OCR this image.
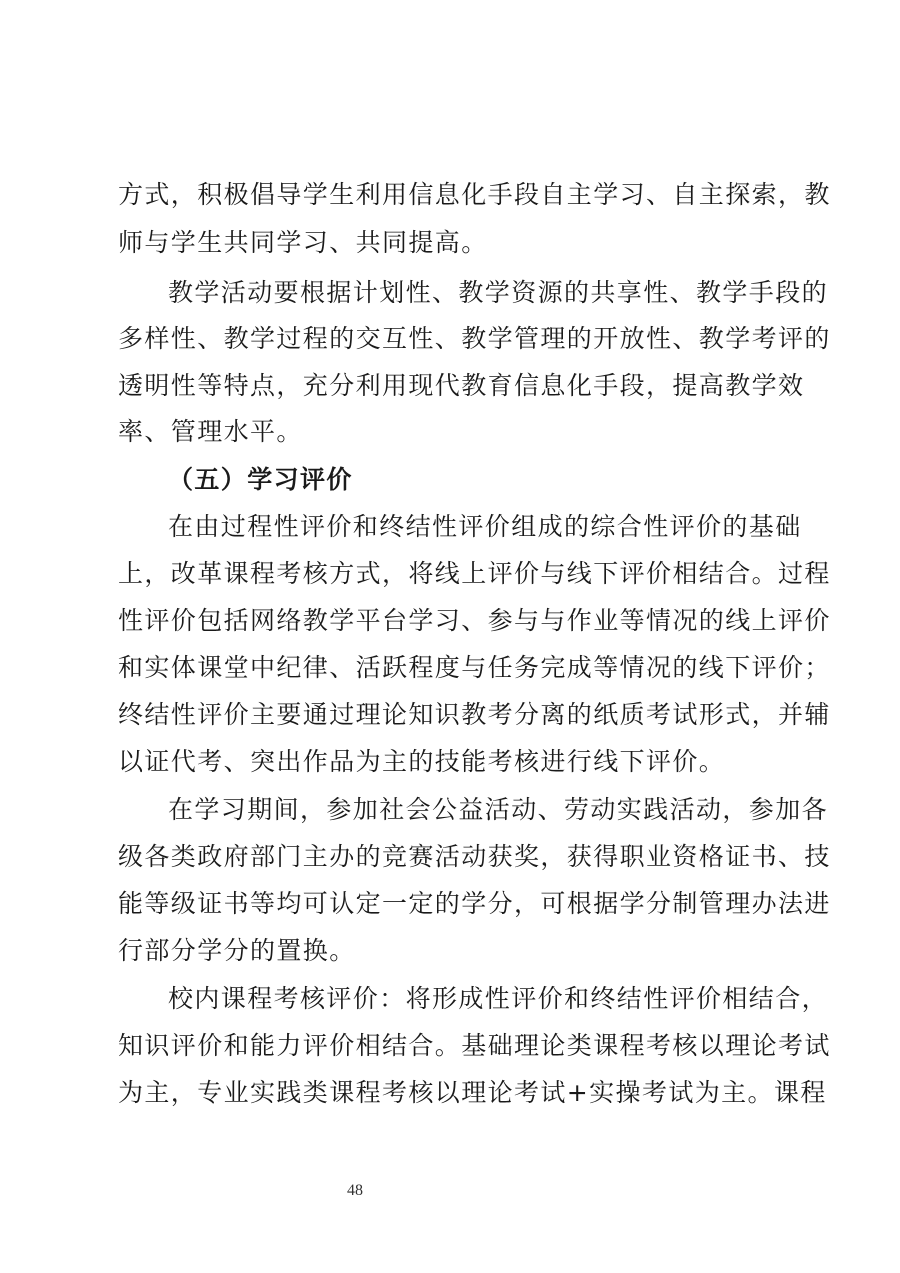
方式，积极倡导学生利用信息化手段自主学习、自主探索，教
师与学生共同学习、共同提高。
教学活动要根据计划性、教学资源的共享性、教学手段的
多样性、教学过程的交互性、教学管理的开放性、教学考评的
透明性等特点，充分利用现代教育信息化手段，提高教学效
率、管理水平。
（五）学习评价
在由过程性评价和终结性评价组成的综合性评价的基础
上，改革课程考核方式，将线上评价与线下评价相结合。过程
性评价包括网络教学平台学习、参与与作业等情况的线上评价
和实体课堂中纪律、活跃程度与任务完成等情况的线下评价；
终结性评价主要通过理论知识教考分离的纸质考试形式，并辅
以证代考、突出作品为主的技能考核进行线下评价。
在学习期间，参加社会公益活动、劳动实践活动，参加各
级各类政府部门主办的竞赛活动获奖，获得职业资格证书、技
能等级证书等均可认定一定的学分，可根据学分制管理办法进
行部分学分的置换。
校内课程考核评价：将形成性评价和终结性评价相结合，
知识评价和能力评价相结合。基础理论类课程考核以理论考试
为主，专业实践类课程考核以理论考试+实操考试为主。课程
48
